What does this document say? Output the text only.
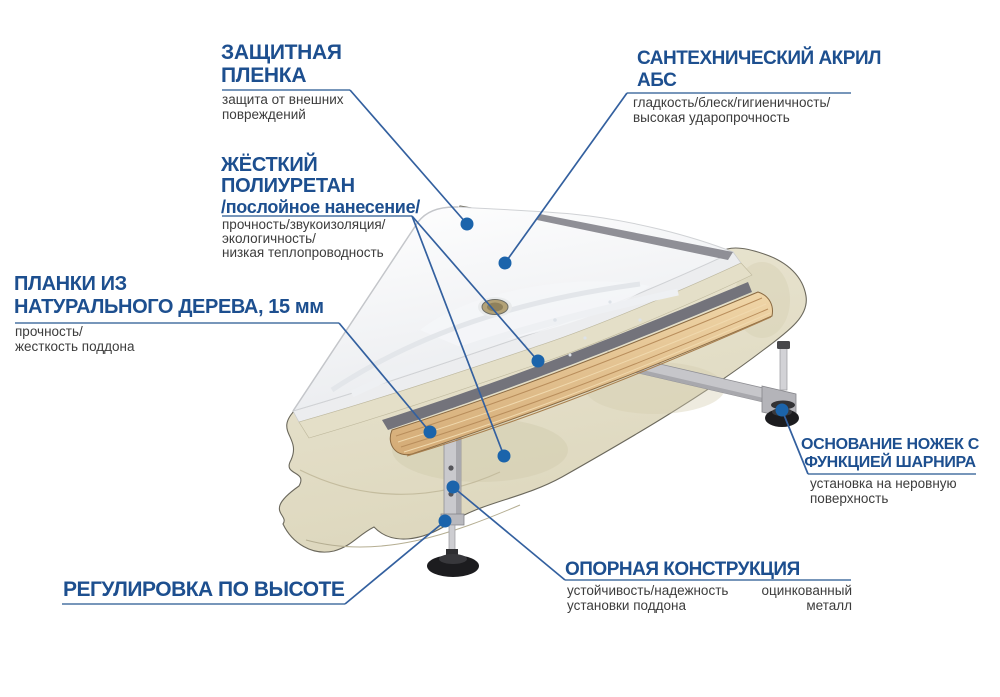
ЗАЩИТНАЯ
ПЛЕНКА
защита от внешних
повреждений
САНТЕХНИЧЕСКИЙ АКРИЛ
АБС
гладкость/блеск/гигиеничность/
высокая ударопрочность
ЖЁСТКИЙ
ПОЛИУРЕТАН
/послойное нанесение/
прочность/звукоизоляция/
экологичность/
низкая теплопроводность
ПЛАНКИ ИЗ
НАТУРАЛЬНОГО ДЕРЕВА, 15 мм
прочность/
жесткость поддона
ОСНОВАНИЕ НОЖЕК С
ФУНКЦИЕЙ ШАРНИРА
установка на неровную
поверхность
РЕГУЛИРОВКА ПО ВЫСОТЕ
ОПОРНАЯ КОНСТРУКЦИЯ
устойчивость/надежность
установки поддона
оцинкованный
металл
